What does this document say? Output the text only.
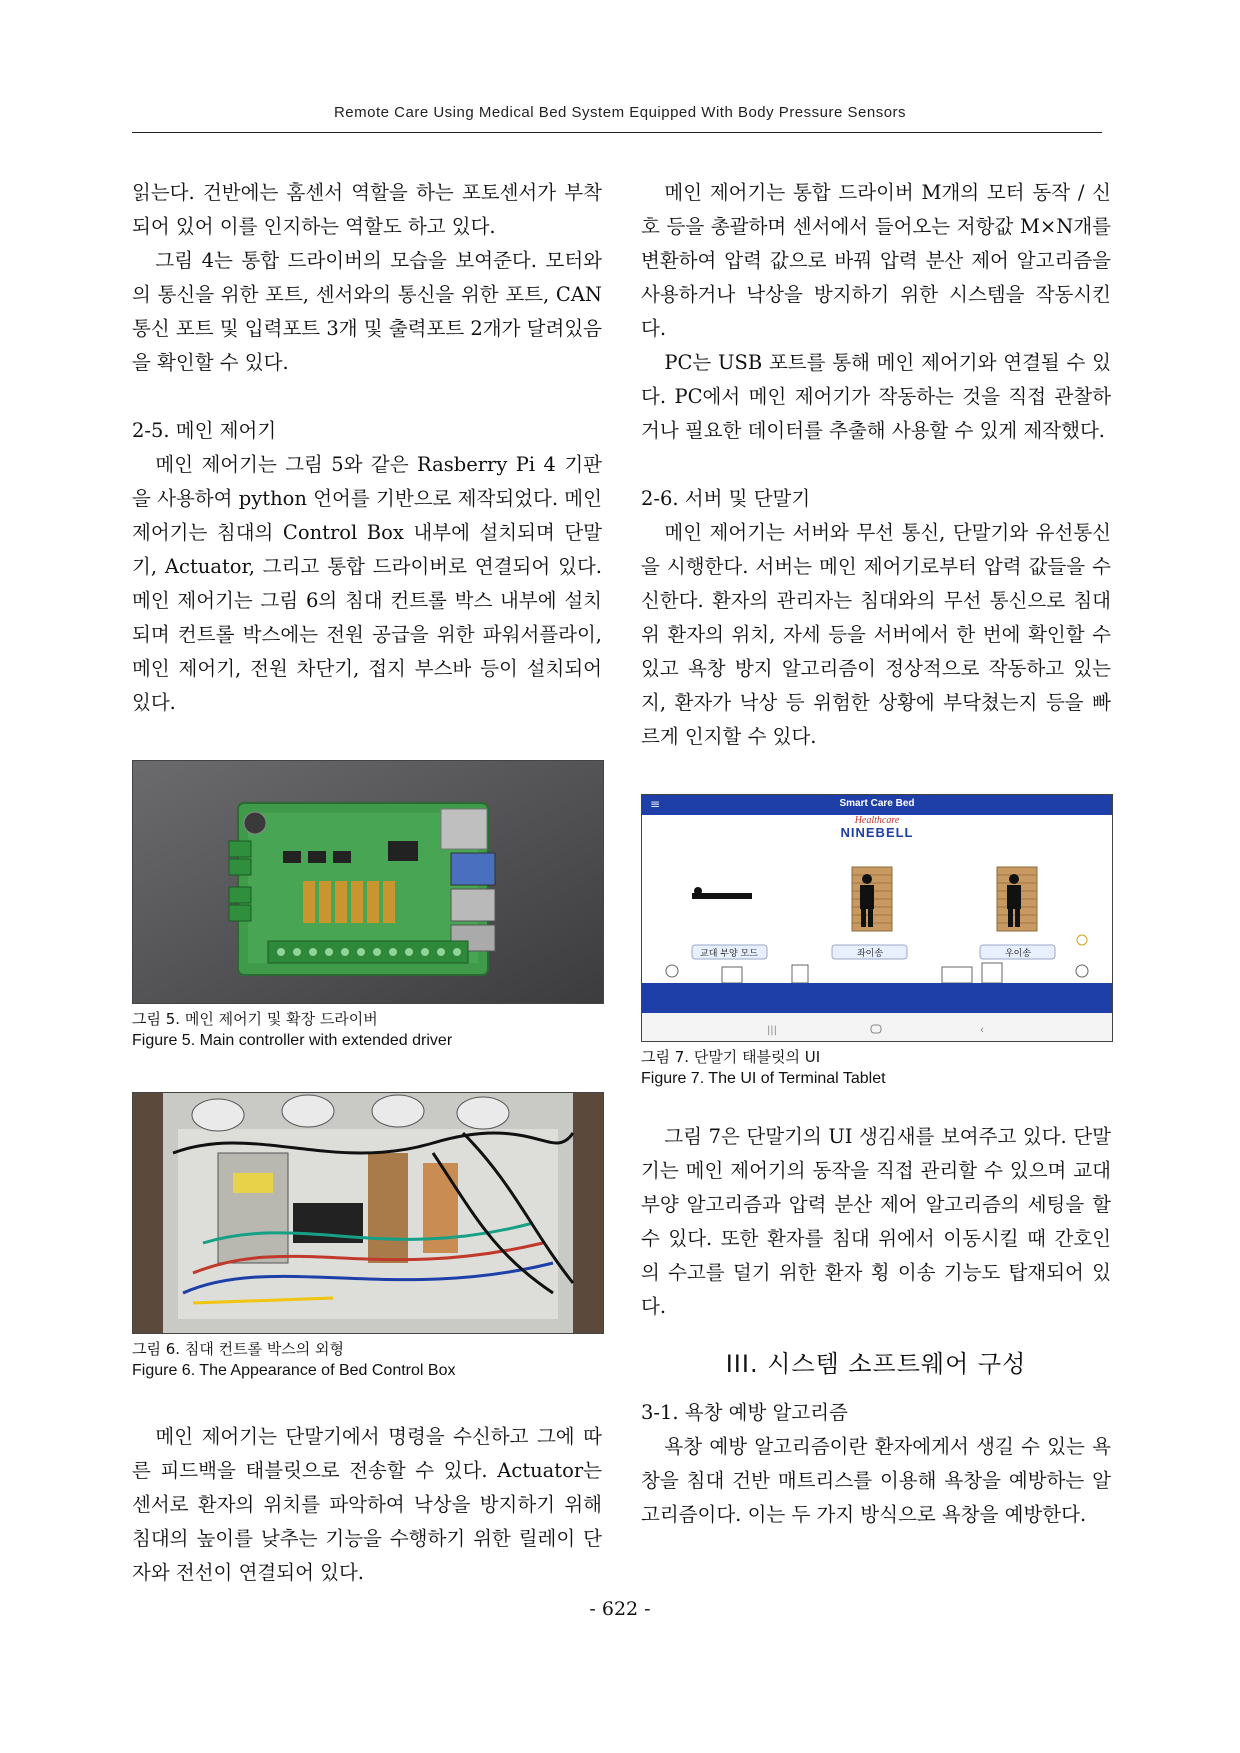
Remote Care Using Medical Bed System Equipped With Body Pressure Sensors

읽는다. 건반에는 홈센서 역할을 하는 포토센서가 부착되어 있어 이를 인지하는 역할도 하고 있다.

그림 4는 통합 드라이버의 모습을 보여준다. 모터와의 통신을 위한 포트, 센서와의 통신을 위한 포트, CAN 통신 포트 및 입력포트 3개 및 출력포트 2개가 달려있음을 확인할 수 있다.

2-5. 메인 제어기

메인 제어기는 그림 5와 같은 Rasberry Pi 4 기판을 사용하여 python 언어를 기반으로 제작되었다. 메인 제어기는 침대의 Control Box 내부에 설치되며 단말기, Actuator, 그리고 통합 드라이버로 연결되어 있다. 메인 제어기는 그림 6의 침대 컨트롤 박스 내부에 설치 되며 컨트롤 박스에는 전원 공급을 위한 파워서플라이, 메인 제어기, 전원 차단기, 접지 부스바 등이 설치되어 있다.

그림 5. 메인 제어기 및 확장 드라이버
Figure 5. Main controller with extended driver
그림 6. 침대 컨트롤 박스의 외형
Figure 6. The Appearance of Bed Control Box

메인 제어기는 단말기에서 명령을 수신하고 그에 따른 피드백을 태블릿으로 전송할 수 있다. Actuator는 센서로 환자의 위치를 파악하여 낙상을 방지하기 위해 침대의 높이를 낮추는 기능을 수행하기 위한 릴레이 단자와 전선이 연결되어 있다.

메인 제어기는 통합 드라이버 M개의 모터 동작 / 신호 등을 총괄하며 센서에서 들어오는 저항값 M×N개를 변환하여 압력 값으로 바꿔 압력 분산 제어 알고리즘을 사용하거나 낙상을 방지하기 위한 시스템을 작동시킨다.

PC는 USB 포트를 통해 메인 제어기와 연결될 수 있다. PC에서 메인 제어기가 작동하는 것을 직접 관찰하거나 필요한 데이터를 추출해 사용할 수 있게 제작했다.

2-6. 서버 및 단말기

메인 제어기는 서버와 무선 통신, 단말기와 유선통신을 시행한다. 서버는 메인 제어기로부터 압력 값들을 수신한다. 환자의 관리자는 침대와의 무선 통신으로 침대 위 환자의 위치, 자세 등을 서버에서 한 번에 확인할 수 있고 욕창 방지 알고리즘이 정상적으로 작동하고 있는지, 환자가 낙상 등 위험한 상황에 부닥쳤는지 등을 빠르게 인지할 수 있다.

≡	Smart Care Bed
Healthcare
NINEBELL
교대 부양 모드	좌이송	우이송
|||	‹
그림 7. 단말기 태블릿의 UI
Figure 7. The UI of Terminal Tablet

그림 7은 단말기의 UI 생김새를 보여주고 있다. 단말기는 메인 제어기의 동작을 직접 관리할 수 있으며 교대 부양 알고리즘과 압력 분산 제어 알고리즘의 세팅을 할 수 있다. 또한 환자를 침대 위에서 이동시킬 때 간호인의 수고를 덜기 위한 환자 횡 이송 기능도 탑재되어 있다.

III. 시스템 소프트웨어 구성
3-1. 욕창 예방 알고리즘

욕창 예방 알고리즘이란 환자에게서 생길 수 있는 욕창을 침대 건반 매트리스를 이용해 욕창을 예방하는 알고리즘이다. 이는 두 가지 방식으로 욕창을 예방한다.

- 622 -
